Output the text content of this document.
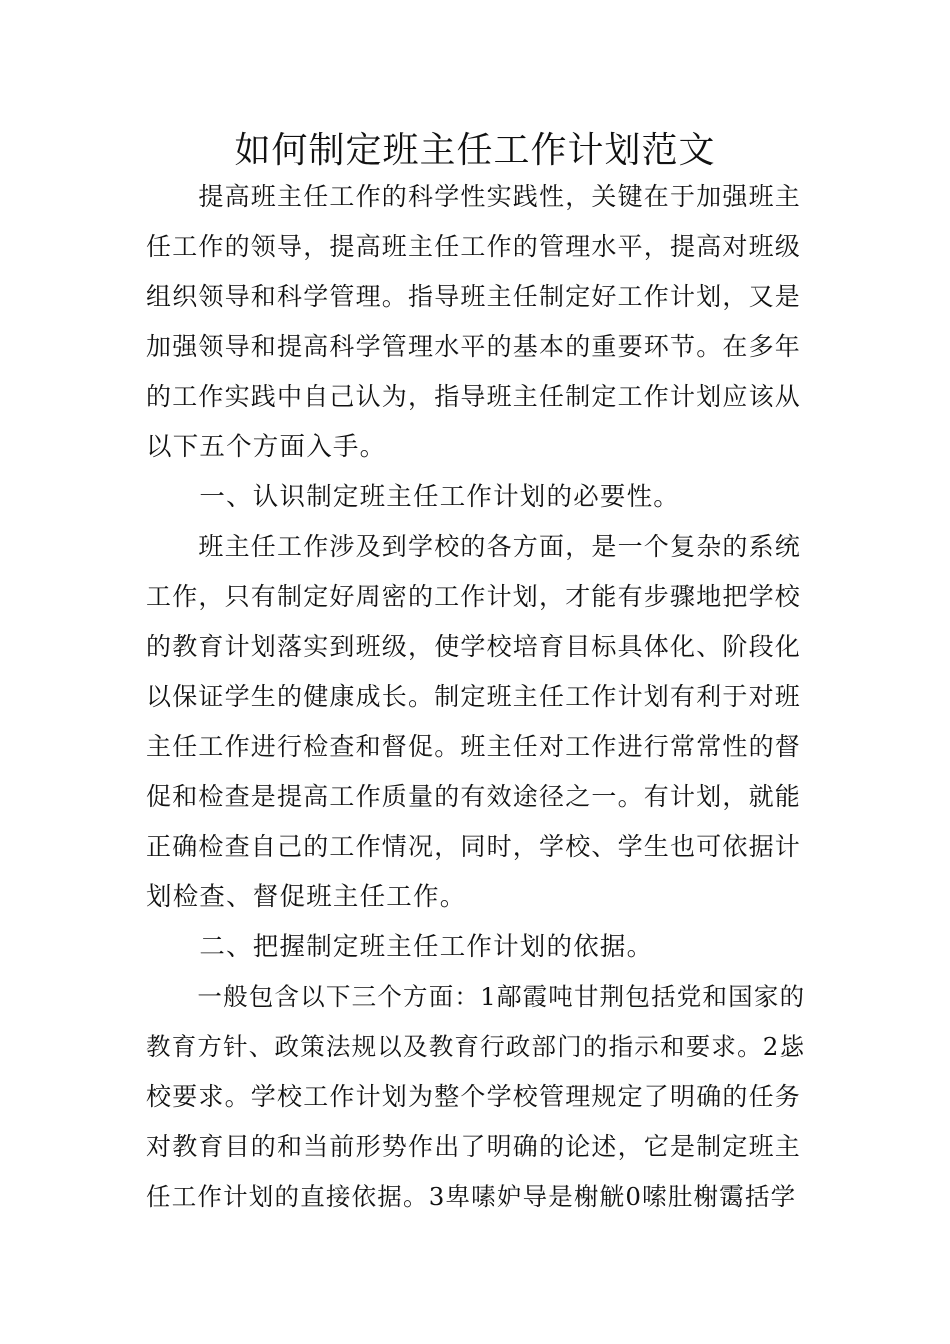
如何制定班主任工作计划范文
　　提高班主任工作的科学性实践性，关键在于加强班主
任工作的领导，提高班主任工作的管理水平，提高对班级
组织领导和科学管理。指导班主任制定好工作计划，又是
加强领导和提高科学管理水平的基本的重要环节。在多年
的工作实践中自己认为，指导班主任制定工作计划应该从
以下五个方面入手。
　　一、认识制定班主任工作计划的必要性。
　　班主任工作涉及到学校的各方面，是一个复杂的系统
工作，只有制定好周密的工作计划，才能有步骤地把学校
的教育计划落实到班级，使学校培育目标具体化、阶段化
以保证学生的健康成长。制定班主任工作计划有利于对班
主任工作进行检查和督促。班主任对工作进行常常性的督
促和检查是提高工作质量的有效途径之一。有计划，就能
正确检查自己的工作情况，同时，学校、学生也可依据计
划检查、督促班主任工作。
　　二、把握制定班主任工作计划的依据。
　　一般包含以下三个方面：1鄗霞吨甘荆包括党和国家的
教育方针、政策法规以及教育行政部门的指示和要求。2毖
校要求。学校工作计划为整个学校管理规定了明确的任务
对教育目的和当前形势作出了明确的论述，它是制定班主
任工作计划的直接依据。3卑嗉妒导是榭觥0嗦肚榭霭括学
